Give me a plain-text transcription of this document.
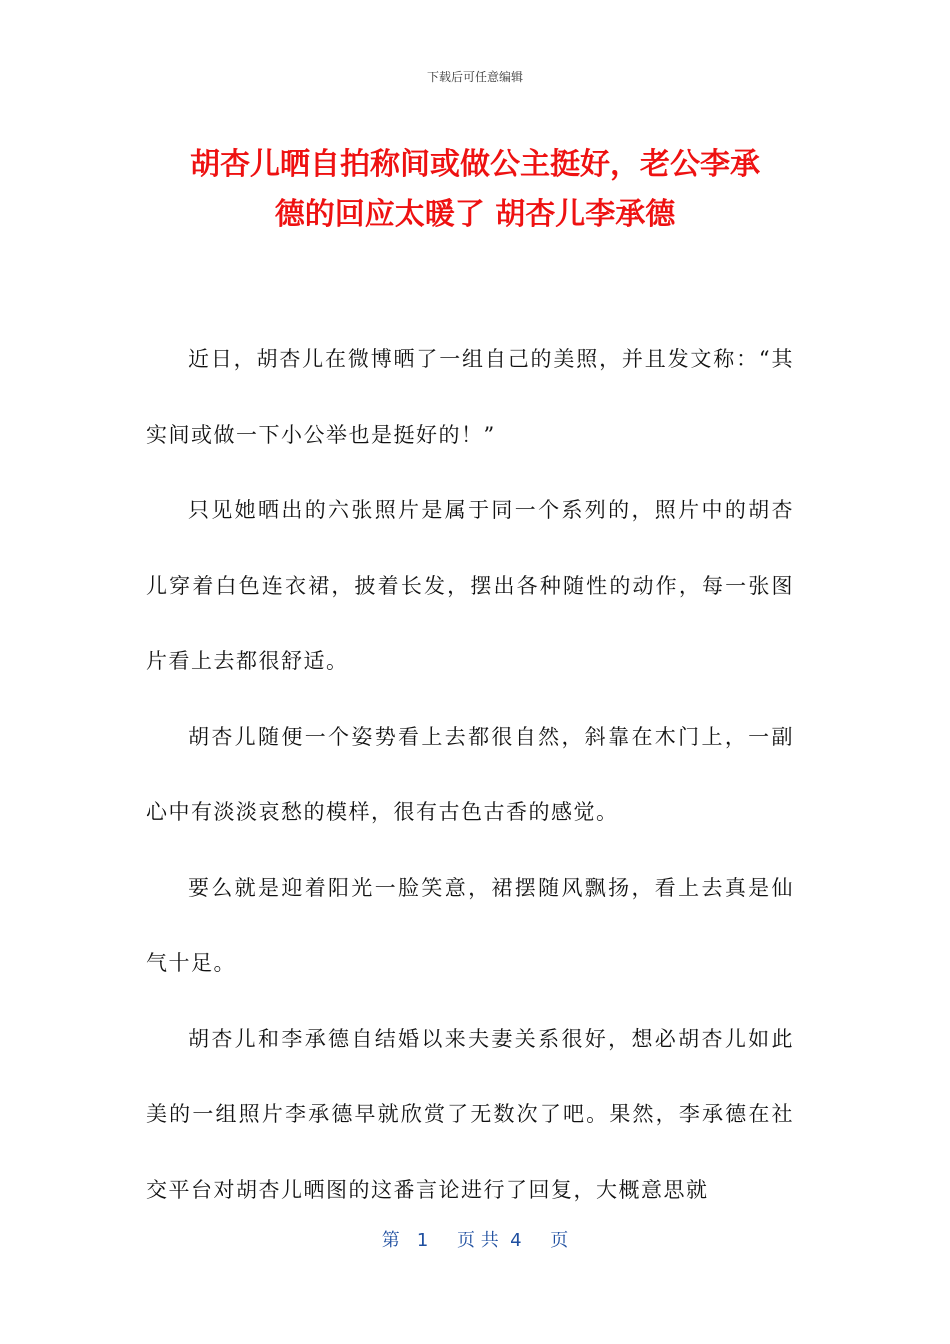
下载后可任意编辑
胡杏儿晒自拍称间或做公主挺好，老公李承
德的回应太暖了 胡杏儿李承德

近日，胡杏儿在微博晒了一组自己的美照，并且发文称：“其实间或做一下小公举也是挺好的！”

只见她晒出的六张照片是属于同一个系列的，照片中的胡杏儿穿着白色连衣裙，披着长发，摆出各种随性的动作，每一张图片看上去都很舒适。

胡杏儿随便一个姿势看上去都很自然，斜靠在木门上，一副心中有淡淡哀愁的模样，很有古色古香的感觉。

要么就是迎着阳光一脸笑意，裙摆随风飘扬，看上去真是仙气十足。

胡杏儿和李承德自结婚以来夫妻关系很好，想必胡杏儿如此美的一组照片李承德早就欣赏了无数次了吧。果然，李承德在社交平台对胡杏儿晒图的这番言论进行了回复，大概意思就

第   1     页 共  4     页
